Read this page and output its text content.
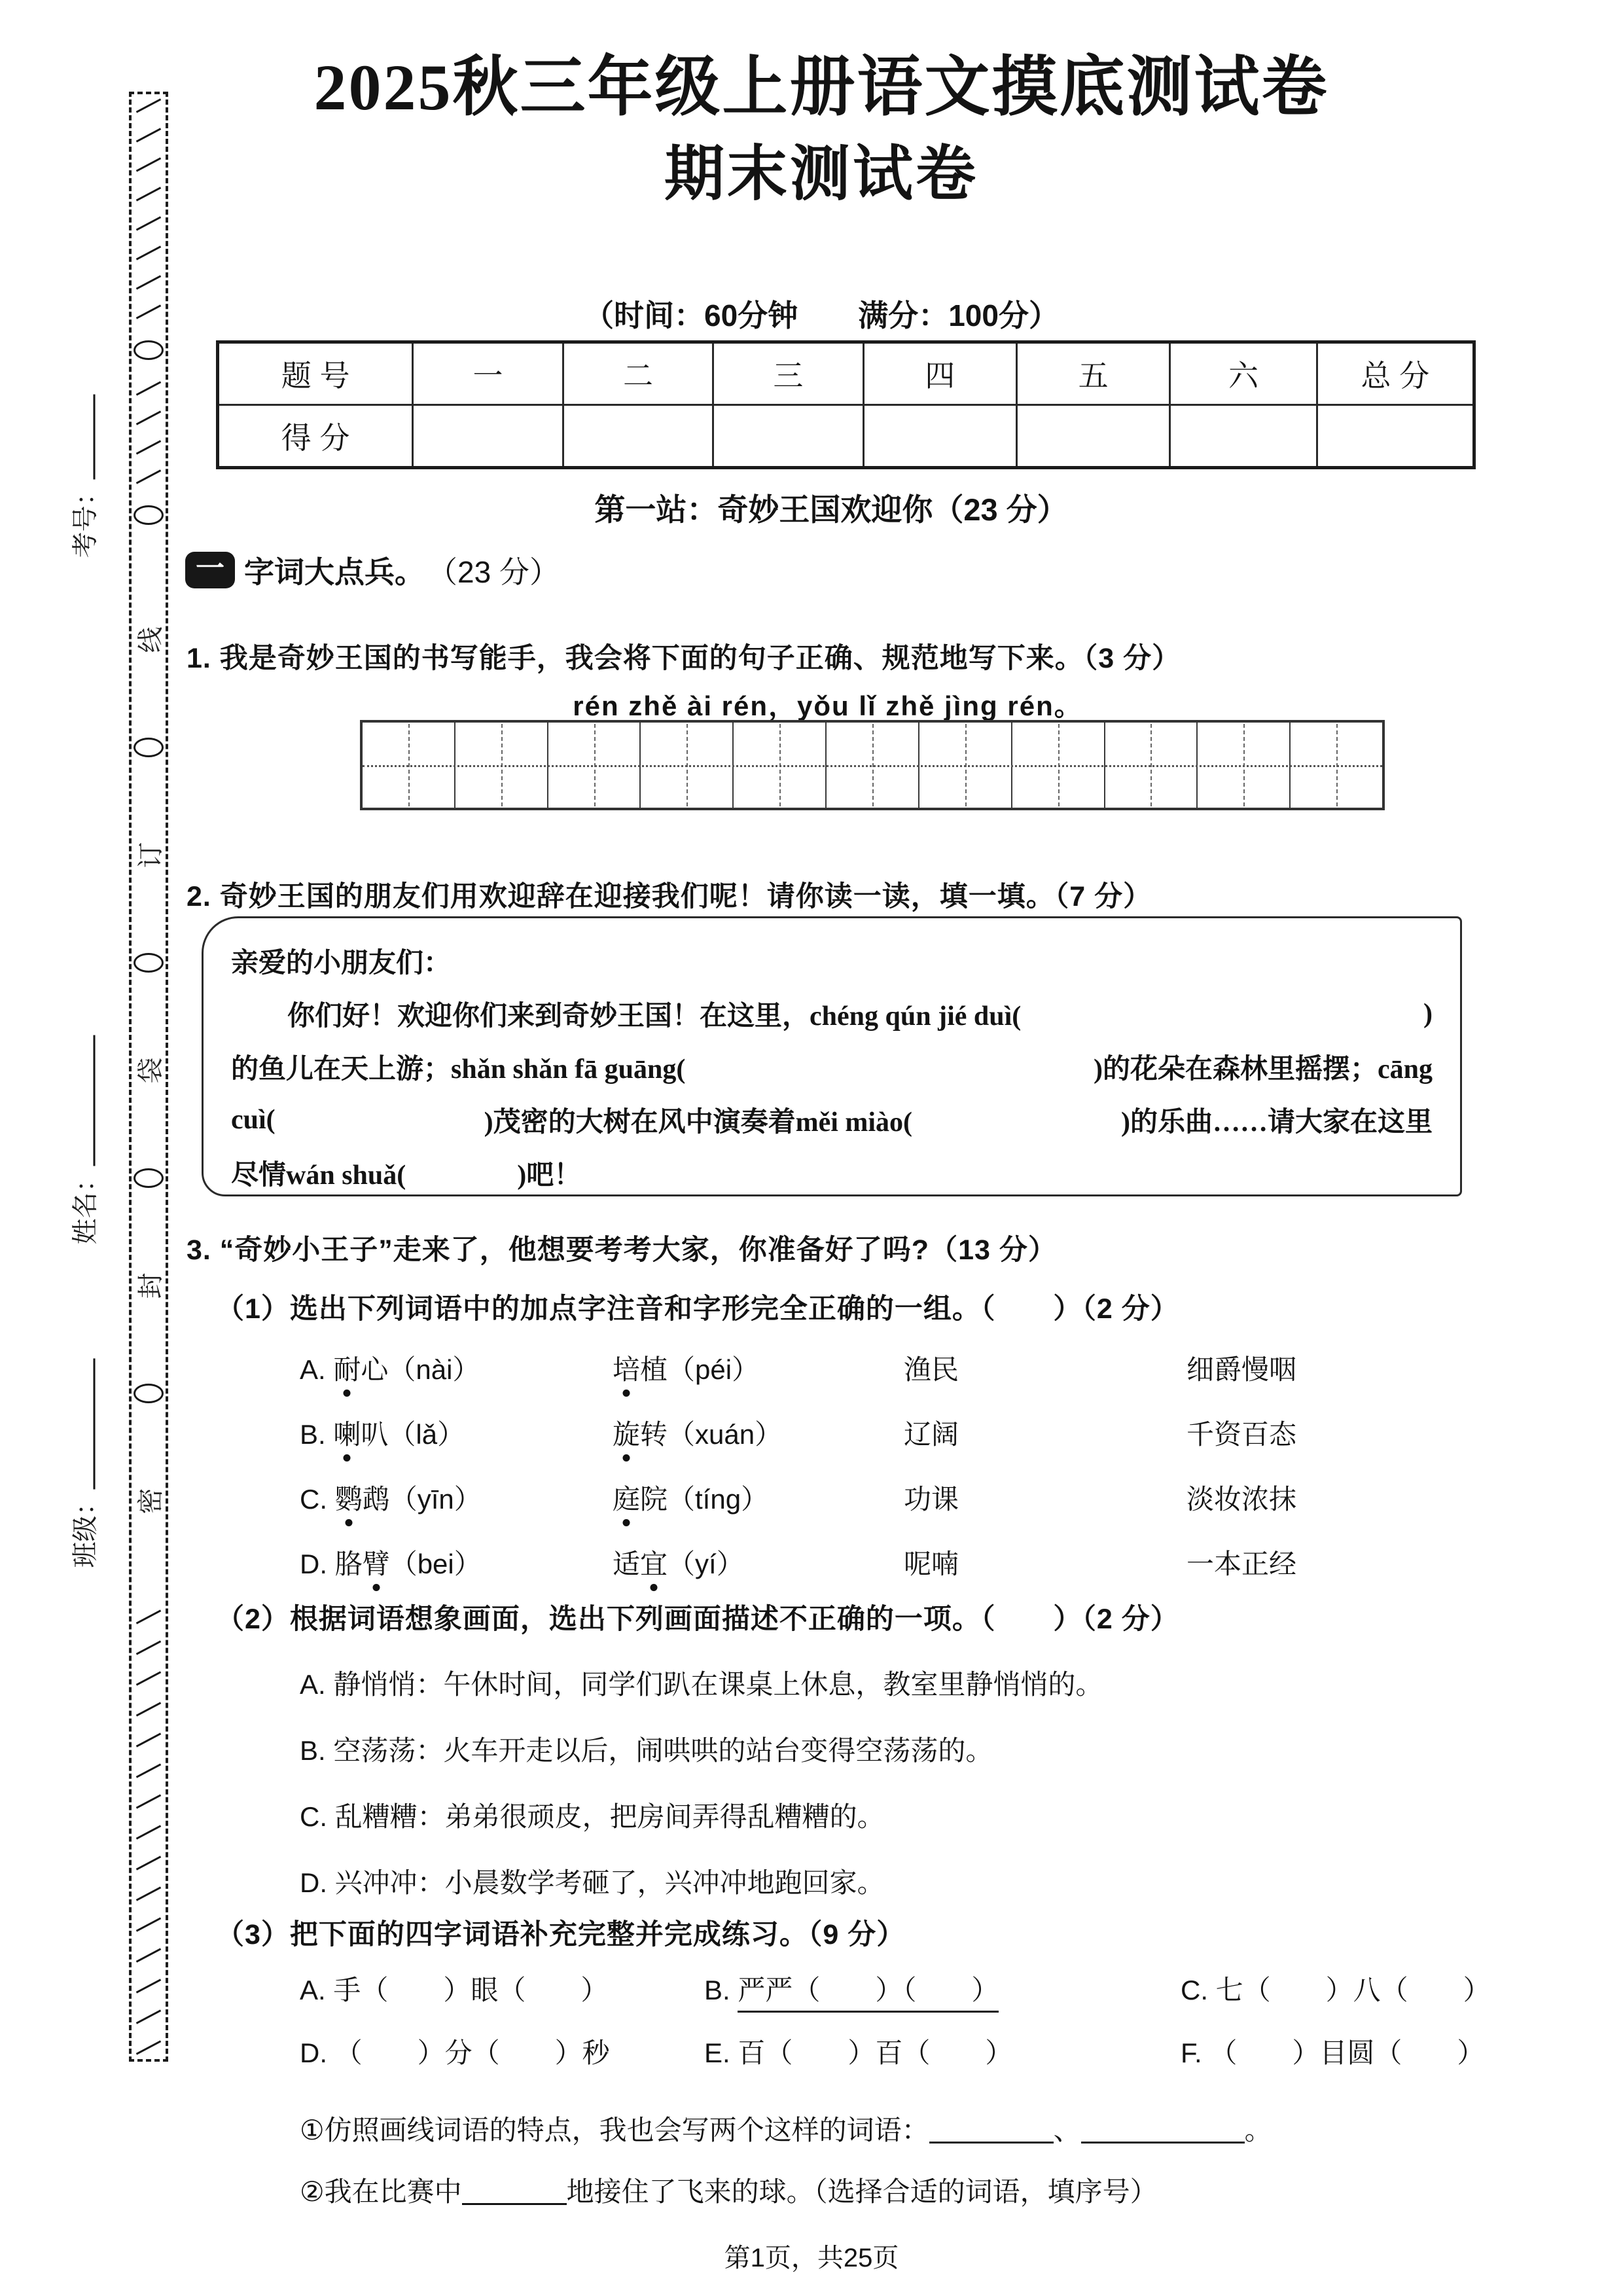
线
订
袋
封
密
考号：
姓名：
班级：
2025秋三年级上册语文摸底测试卷
期末测试卷
（时间：60分钟　　满分：100分）
题 号	一	二	三	四	五	六	总 分
得 分							
第一站：奇妙王国欢迎你（23 分）
一 字词大点兵。 （23 分）
1. 我是奇妙王国的书写能手，我会将下面的句子正确、规范地写下来。（3 分）
rén zhě ài rén，yǒu lǐ zhě jìng rén。
2. 奇妙王国的朋友们用欢迎辞在迎接我们呢！请你读一读，填一填。（7 分）
亲爱的小朋友们：
你们好！欢迎你们来到奇妙王国！在这里，chéng qún jié duì(	)
的鱼儿在天上游；shǎn shǎn fā guāng(	)的花朵在森林里摇摆；cāng
cuì(	)茂密的大树在风中演奏着měi miào(	)的乐曲……请大家在这里
尽情wán shuǎ(	)吧！
3. “奇妙小王子”走来了，他想要考考大家，你准备好了吗?（13 分）
（1）选出下列词语中的加点字注音和字形完全正确的一组。（　　）（2 分）
A. 耐心（nài）	培植（péi）	渔民	细爵慢咽
B. 喇叭（lǎ）	旋转（xuán）	辽阔	千资百态
C. 鹦鹉（yīn）	庭院（tíng）	功课	淡妆浓抹
D. 胳臂（bei）	适宜（yí）	呢喃	一本正经
（2）根据词语想象画面，选出下列画面描述不正确的一项。（　　）（2 分）
A. 静悄悄：午休时间，同学们趴在课桌上休息，教室里静悄悄的。
B. 空荡荡：火车开走以后，闹哄哄的站台变得空荡荡的。
C. 乱糟糟：弟弟很顽皮，把房间弄得乱糟糟的。
D. 兴冲冲：小晨数学考砸了，兴冲冲地跑回家。
（3）把下面的四字词语补充完整并完成练习。（9 分）
A. 手（　　）眼（　　）	B. 严严（　　）（　　）	C. 七（　　）八（　　）
D. （　　）分（　　）秒	E. 百（　　）百（　　）	F. （　　）目圆（　　）
①仿照画线词语的特点，我也会写两个这样的词语：	、	。
②我在比赛中	地接住了飞来的球。（选择合适的词语，填序号）
第1页，共25页
